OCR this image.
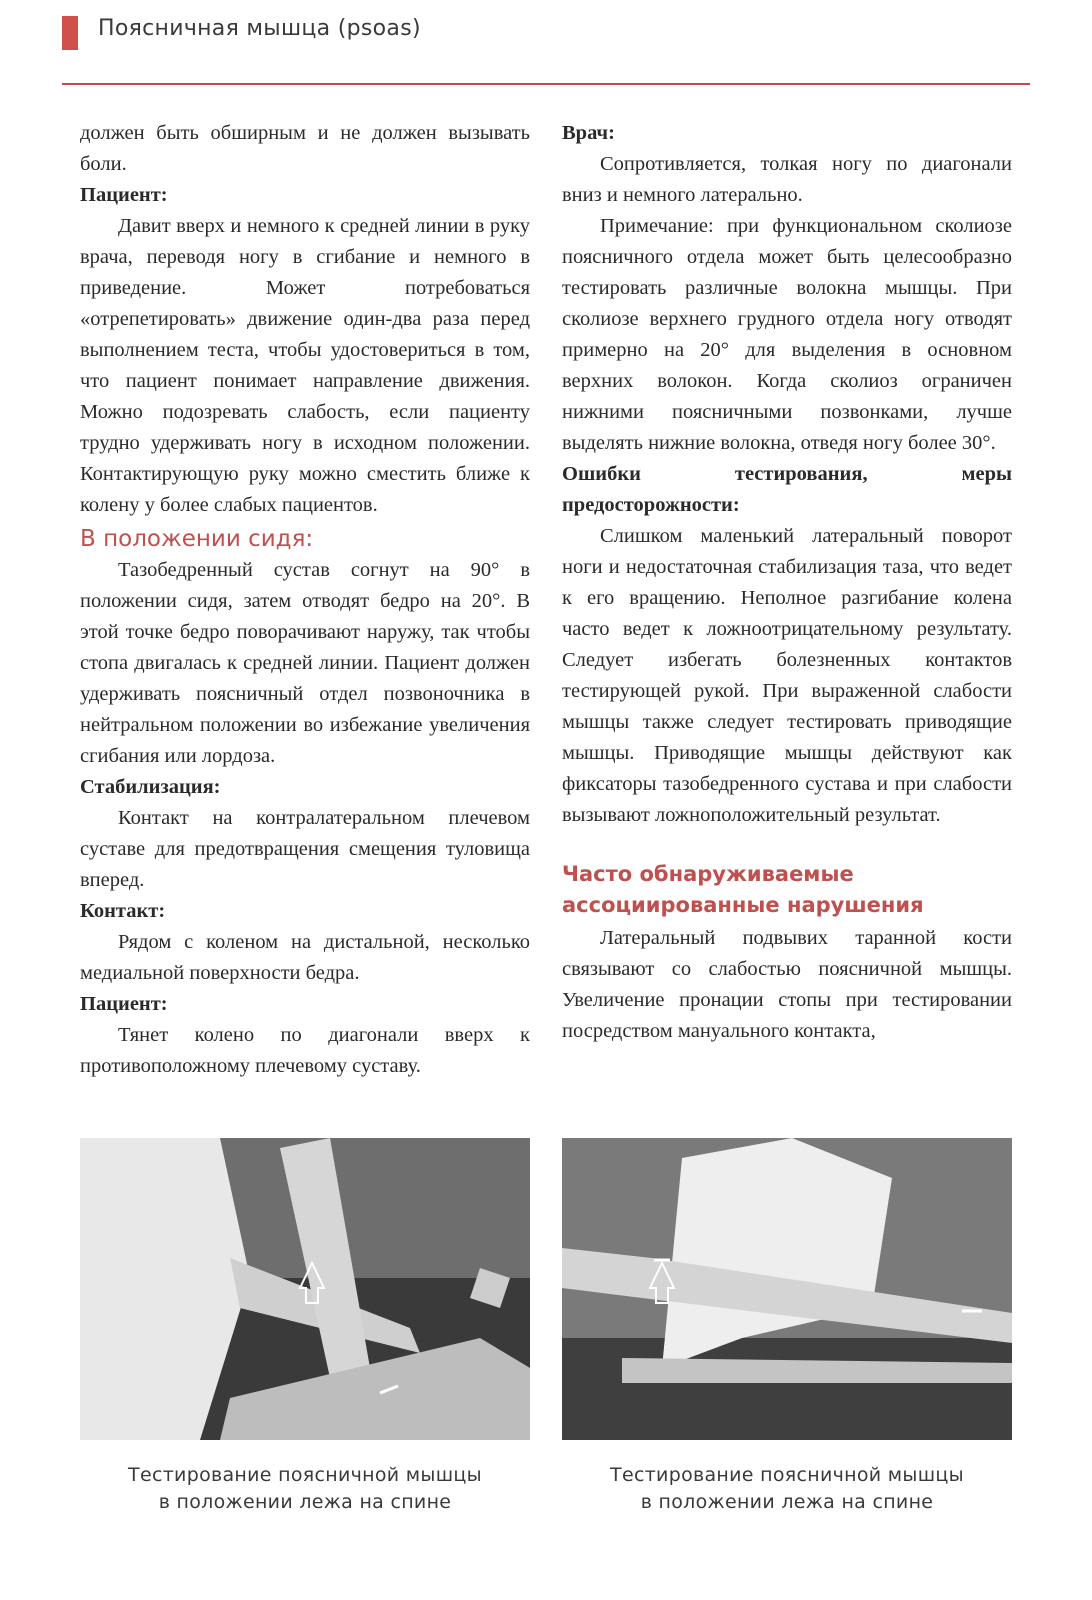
Поясничная мышца (psoas)

должен быть обширным и не должен вызывать боли.

Пациент:

Давит вверх и немного к средней линии в руку врача, переводя ногу в сгибание и немного в приведение. Может потребоваться «отрепетировать» движение один-два раза перед выполнением теста, чтобы удостовериться в том, что пациент понимает направление движения. Можно подозревать слабость, если пациенту трудно удерживать ногу в исходном положении. Контактирующую руку можно сместить ближе к колену у более слабых пациентов.

В положении сидя:

Тазобедренный сустав согнут на 90° в положении сидя, затем отводят бедро на 20°. В этой точке бедро поворачивают наружу, так чтобы стопа двигалась к средней линии. Пациент должен удерживать поясничный отдел позвоночника в нейтральном положении во избежание увеличения сгибания или лордоза.

Стабилизация:

Контакт на контралатеральном плечевом суставе для предотвращения смещения туловища вперед.

Контакт:

Рядом с коленом на дистальной, несколько медиальной поверхности бедра.

Пациент:

Тянет колено по диагонали вверх к противоположному плечевому суставу.

Врач:

Сопротивляется, толкая ногу по диагонали вниз и немного латерально.

Примечание: при функциональном сколиозе поясничного отдела может быть целесообразно тестировать различные волокна мышцы. При сколиозе верхнего грудного отдела ногу отводят примерно на 20° для выделения в основном верхних волокон. Когда сколиоз ограничен нижними поясничными позвонками, лучше выделять нижние волокна, отведя ногу более 30°.

Ошибки тестирования, меры предосторожности:

Слишком маленький латеральный поворот ноги и недостаточная стабилизация таза, что ведет к его вращению. Неполное разгибание колена часто ведет к ложноотрицательному результату. Следует избегать болезненных контактов тестирующей рукой. При выраженной слабости мышцы также следует тестировать приводящие мышцы. Приводящие мышцы действуют как фиксаторы тазобедренного сустава и при слабости вызывают ложноположительный результат.

Часто обнаруживаемые
ассоциированные нарушения

Латеральный подвывих таранной кости связывают со слабостью поясничной мышцы. Увеличение пронации стопы при тестировании посредством мануального контакта,

Тестирование поясничной мышцы
в положении лежа на спине
Тестирование поясничной мышцы
в положении лежа на спине
